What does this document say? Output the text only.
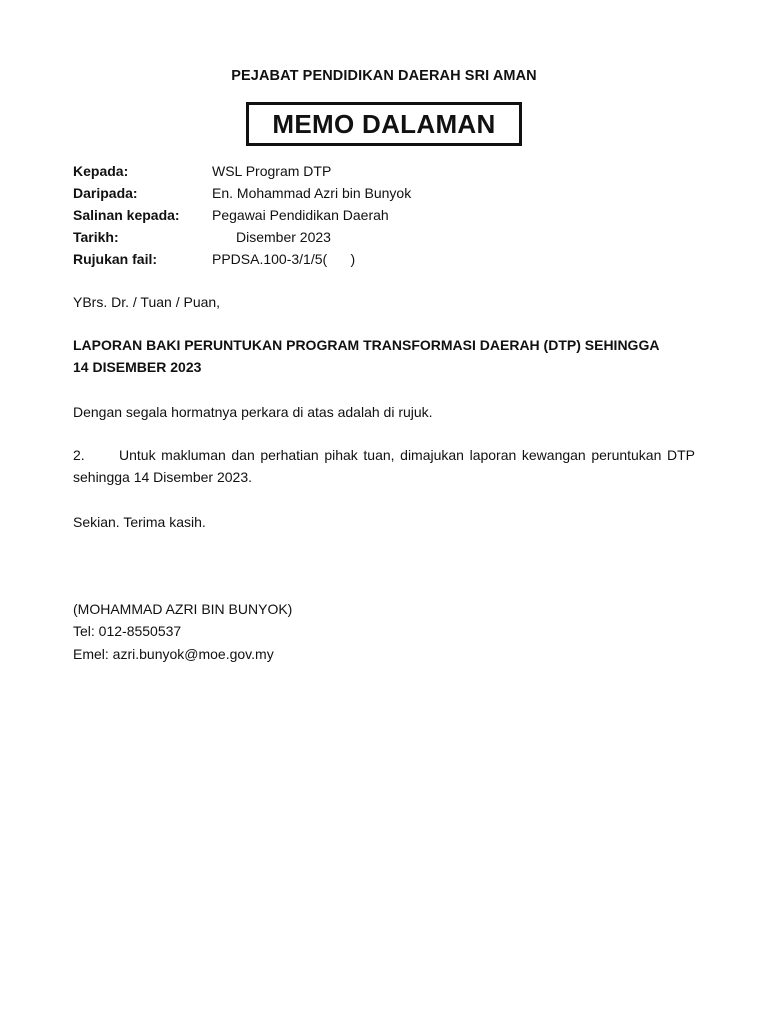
PEJABAT PENDIDIKAN DAERAH SRI AMAN
MEMO DALAMAN
Kepada:	WSL Program DTP
Daripada:	En. Mohammad Azri bin Bunyok
Salinan kepada: Pegawai Pendidikan Daerah
Tarikh:	Disember 2023
Rujukan fail:	PPDSA.100-3/1/5(      )
YBrs. Dr. / Tuan / Puan,
LAPORAN BAKI PERUNTUKAN PROGRAM TRANSFORMASI DAERAH (DTP) SEHINGGA
14 DISEMBER 2023
Dengan segala hormatnya perkara di atas adalah di rujuk.
2. Untuk makluman dan perhatian pihak tuan, dimajukan laporan kewangan peruntukan DTP sehingga 14 Disember 2023.
Sekian. Terima kasih.
(MOHAMMAD AZRI BIN BUNYOK)
Tel: 012-8550537
Emel: azri.bunyok@moe.gov.my
